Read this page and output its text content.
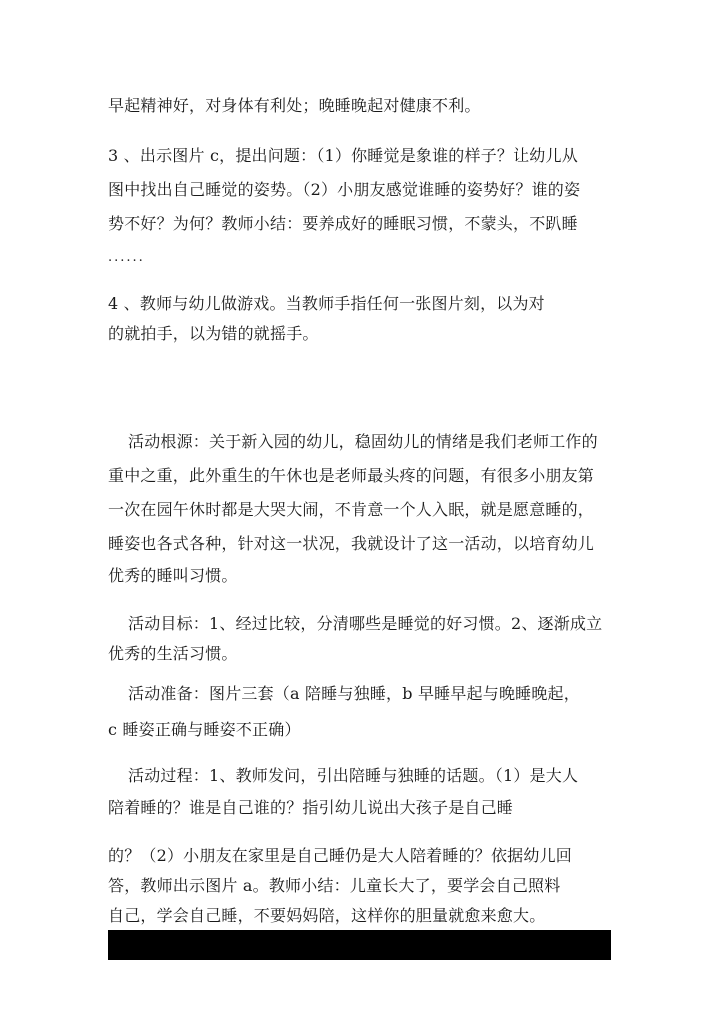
早起精神好，对身体有利处；晚睡晚起对健康不利。
3 、出示图片 c，提出问题：（1）你睡觉是象谁的样子？让幼儿从
图中找出自己睡觉的姿势。（2）小朋友感觉谁睡的姿势好？谁的姿
势不好？为何？教师小结：要养成好的睡眠习惯，不蒙头，不趴睡
......
4 、教师与幼儿做游戏。当教师手指任何一张图片刻，以为对
的就拍手，以为错的就摇手。
活动根源：关于新入园的幼儿，稳固幼儿的情绪是我们老师工作的
重中之重，此外重生的午休也是老师最头疼的问题，有很多小朋友第
一次在园午休时都是大哭大闹，不肯意一个人入眠，就是愿意睡的，
睡姿也各式各种，针对这一状况，我就设计了这一活动，以培育幼儿
优秀的睡叫习惯。
活动目标：1、经过比较，分清哪些是睡觉的好习惯。2、逐渐成立
优秀的生活习惯。
活动准备：图片三套（a 陪睡与独睡，b 早睡早起与晚睡晚起，
c 睡姿正确与睡姿不正确）
活动过程：1、教师发问，引出陪睡与独睡的话题。（1）是大人
陪着睡的？谁是自己谁的？指引幼儿说出大孩子是自己睡
的？（2）小朋友在家里是自己睡仍是大人陪着睡的？依据幼儿回
答，教师出示图片 a。教师小结：儿童长大了，要学会自己照料
自己，学会自己睡，不要妈妈陪，这样你的胆量就愈来愈大。
